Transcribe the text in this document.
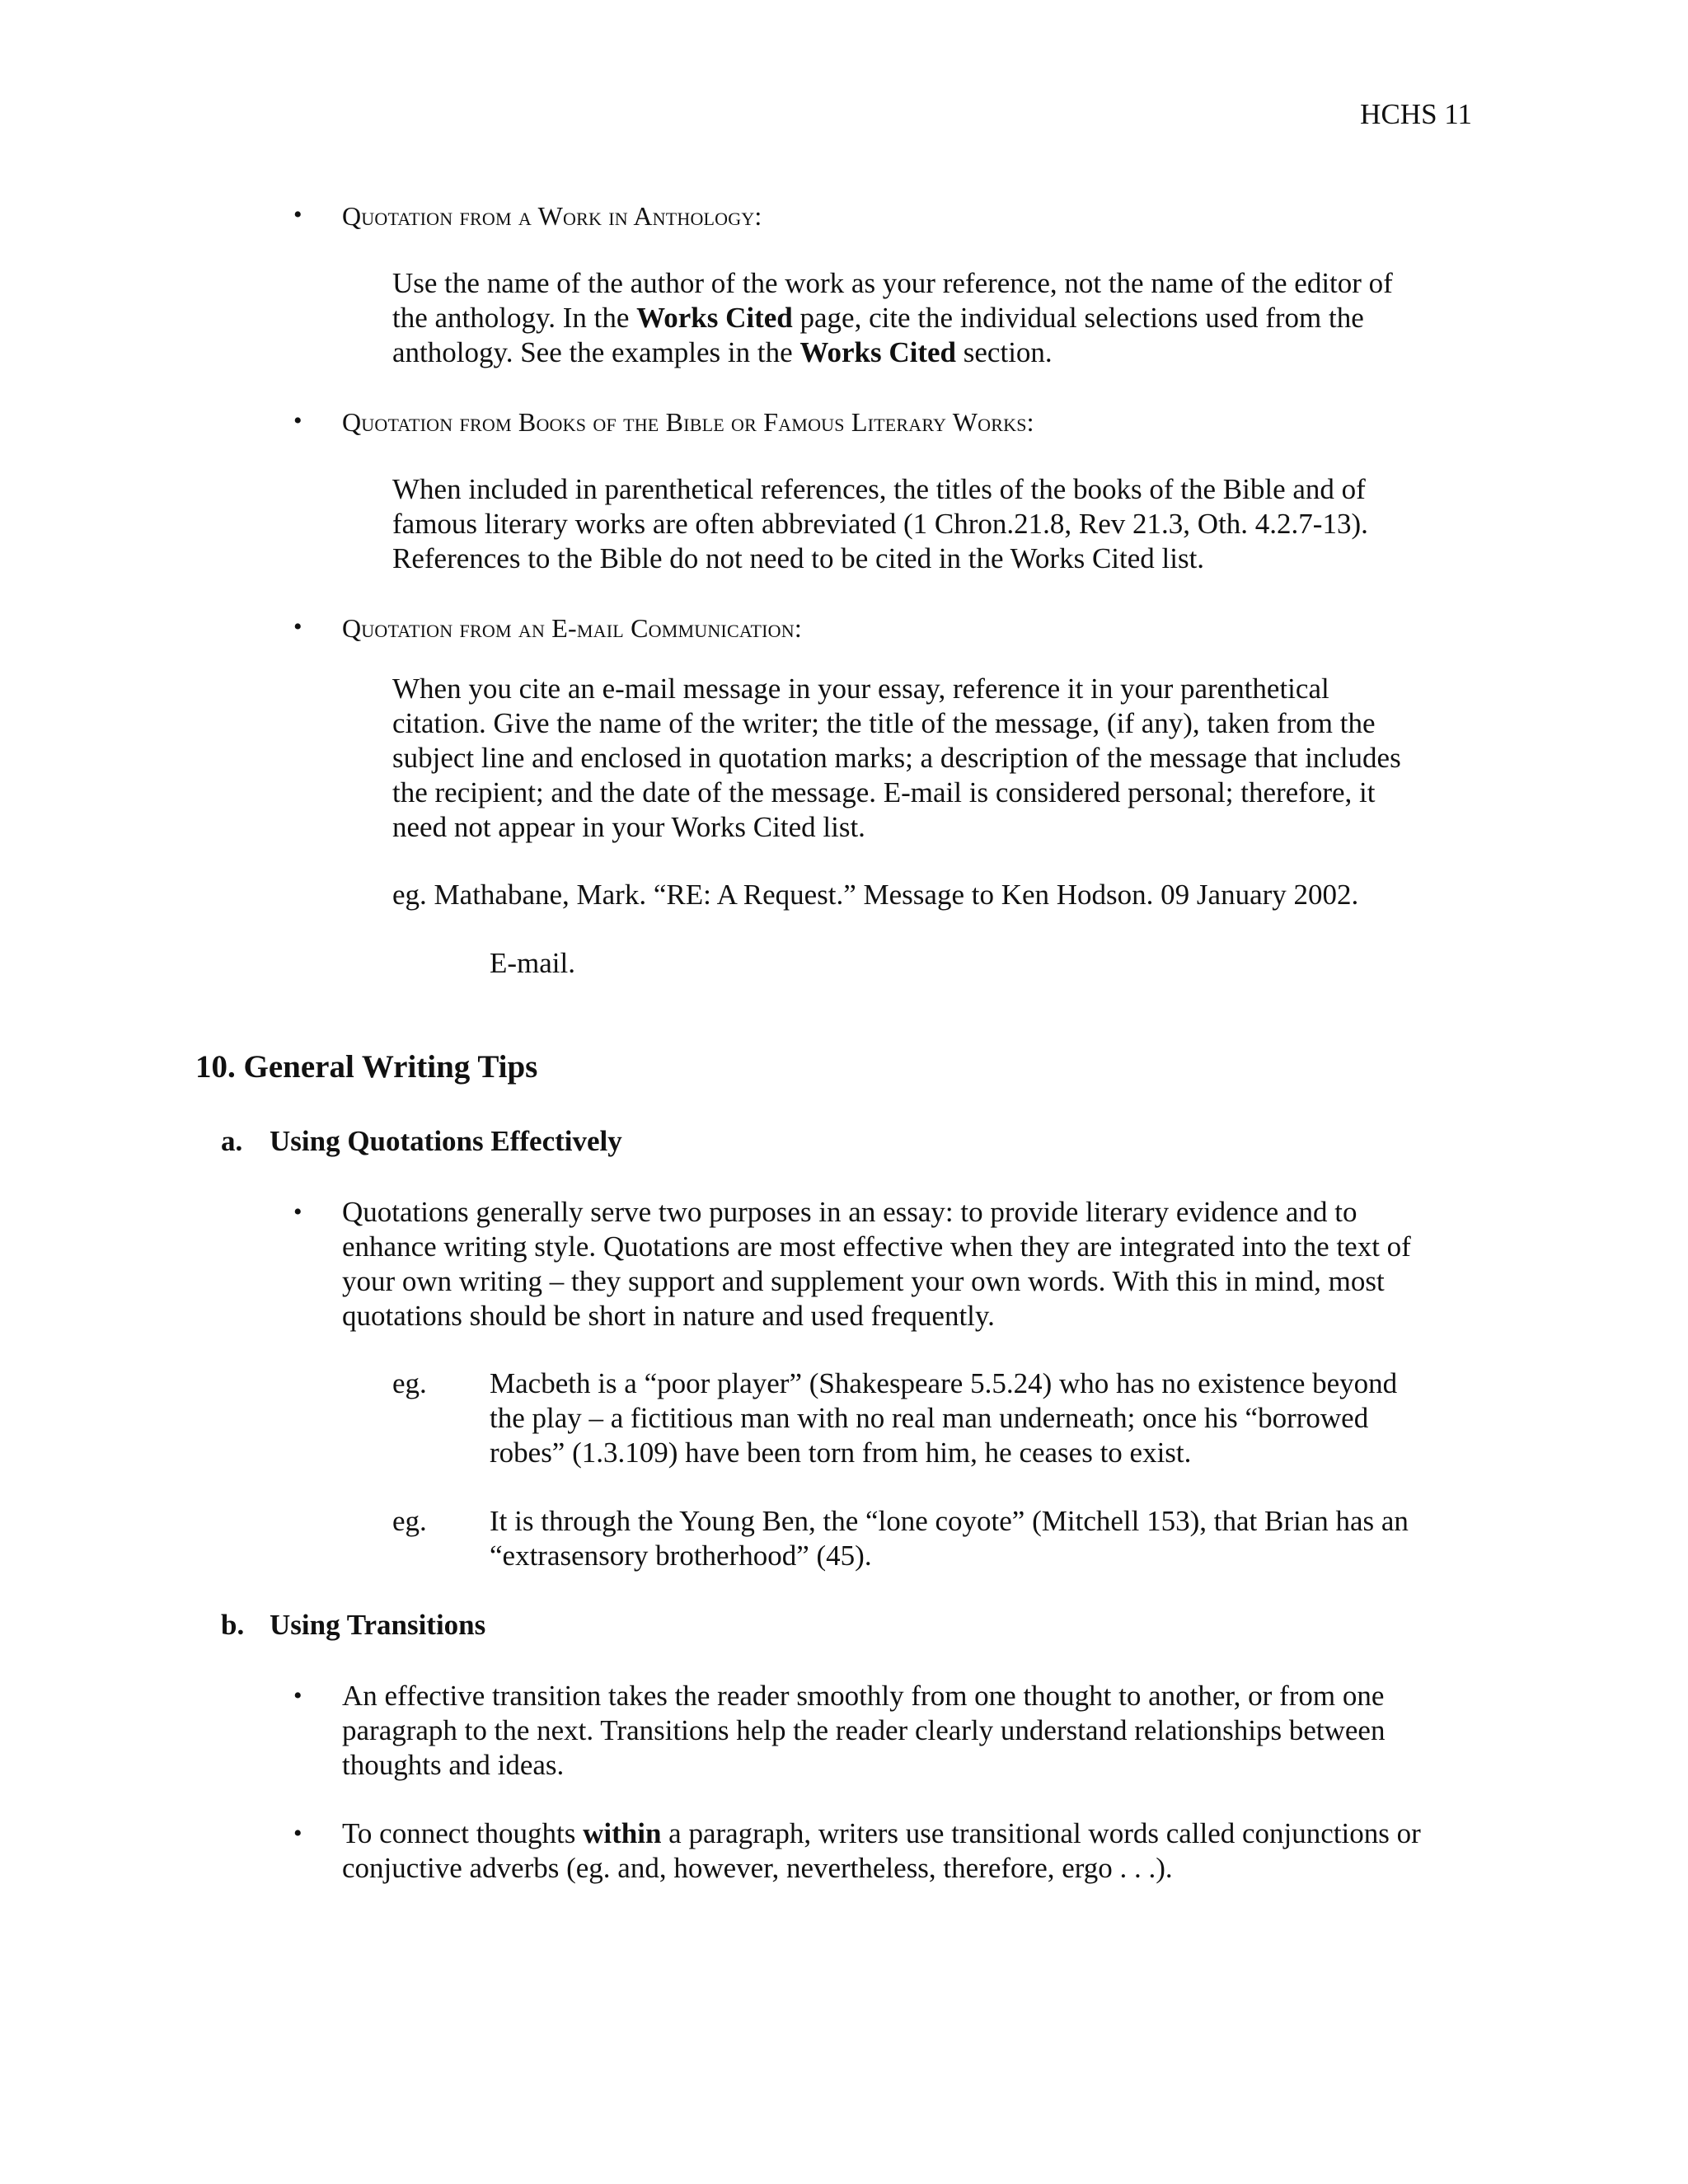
HCHS 11
• Quotation from a Work in Anthology:
Use the name of the author of the work as your reference, not the name of the editor of
the anthology. In the Works Cited page, cite the individual selections used from the
anthology. See the examples in the Works Cited section.
• Quotation from Books of the Bible or Famous Literary Works:
When included in parenthetical references, the titles of the books of the Bible and of
famous literary works are often abbreviated (1 Chron.21.8, Rev 21.3, Oth. 4.2.7-13).
References to the Bible do not need to be cited in the Works Cited list.
• Quotation from an E-mail Communication:
When you cite an e-mail message in your essay, reference it in your parenthetical
citation. Give the name of the writer; the title of the message, (if any), taken from the
subject line and enclosed in quotation marks; a description of the message that includes
the recipient; and the date of the message. E-mail is considered personal; therefore, it
need not appear in your Works Cited list.
eg. Mathabane, Mark. “RE: A Request.” Message to Ken Hodson. 09 January 2002.
E-mail.
10. General Writing Tips
a. Using Quotations Effectively
• Quotations generally serve two purposes in an essay: to provide literary evidence and to
enhance writing style. Quotations are most effective when they are integrated into the text of
your own writing – they support and supplement your own words. With this in mind, most
quotations should be short in nature and used frequently.
eg. Macbeth is a “poor player” (Shakespeare 5.5.24) who has no existence beyond
the play – a fictitious man with no real man underneath; once his “borrowed
robes” (1.3.109) have been torn from him, he ceases to exist.
eg. It is through the Young Ben, the “lone coyote” (Mitchell 153), that Brian has an
“extrasensory brotherhood” (45).
b. Using Transitions
• An effective transition takes the reader smoothly from one thought to another, or from one
paragraph to the next. Transitions help the reader clearly understand relationships between
thoughts and ideas.
• To connect thoughts within a paragraph, writers use transitional words called conjunctions or
conjuctive adverbs (eg. and, however, nevertheless, therefore, ergo . . .).
